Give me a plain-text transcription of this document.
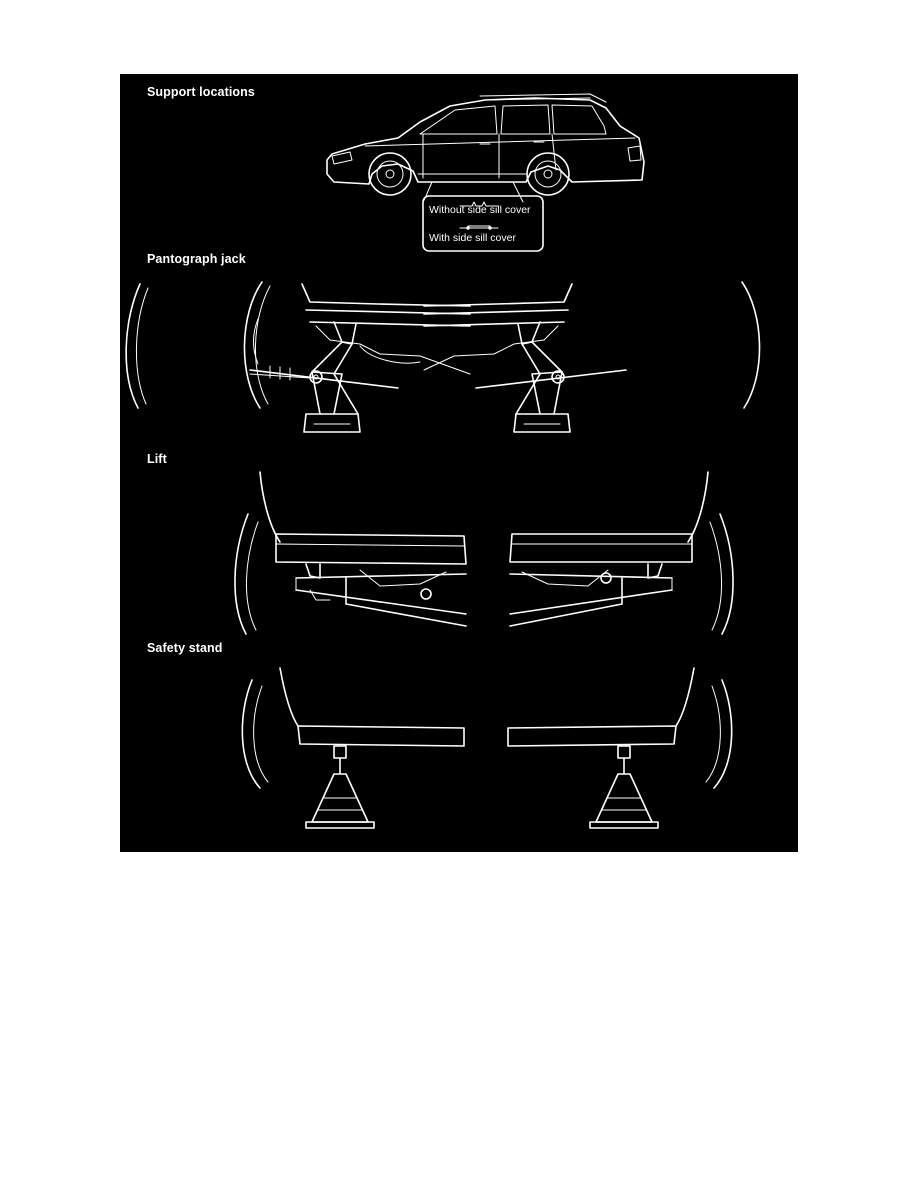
Support locations
Pantograph jack
Lift
Safety stand
Without side sill cover
With side sill cover
